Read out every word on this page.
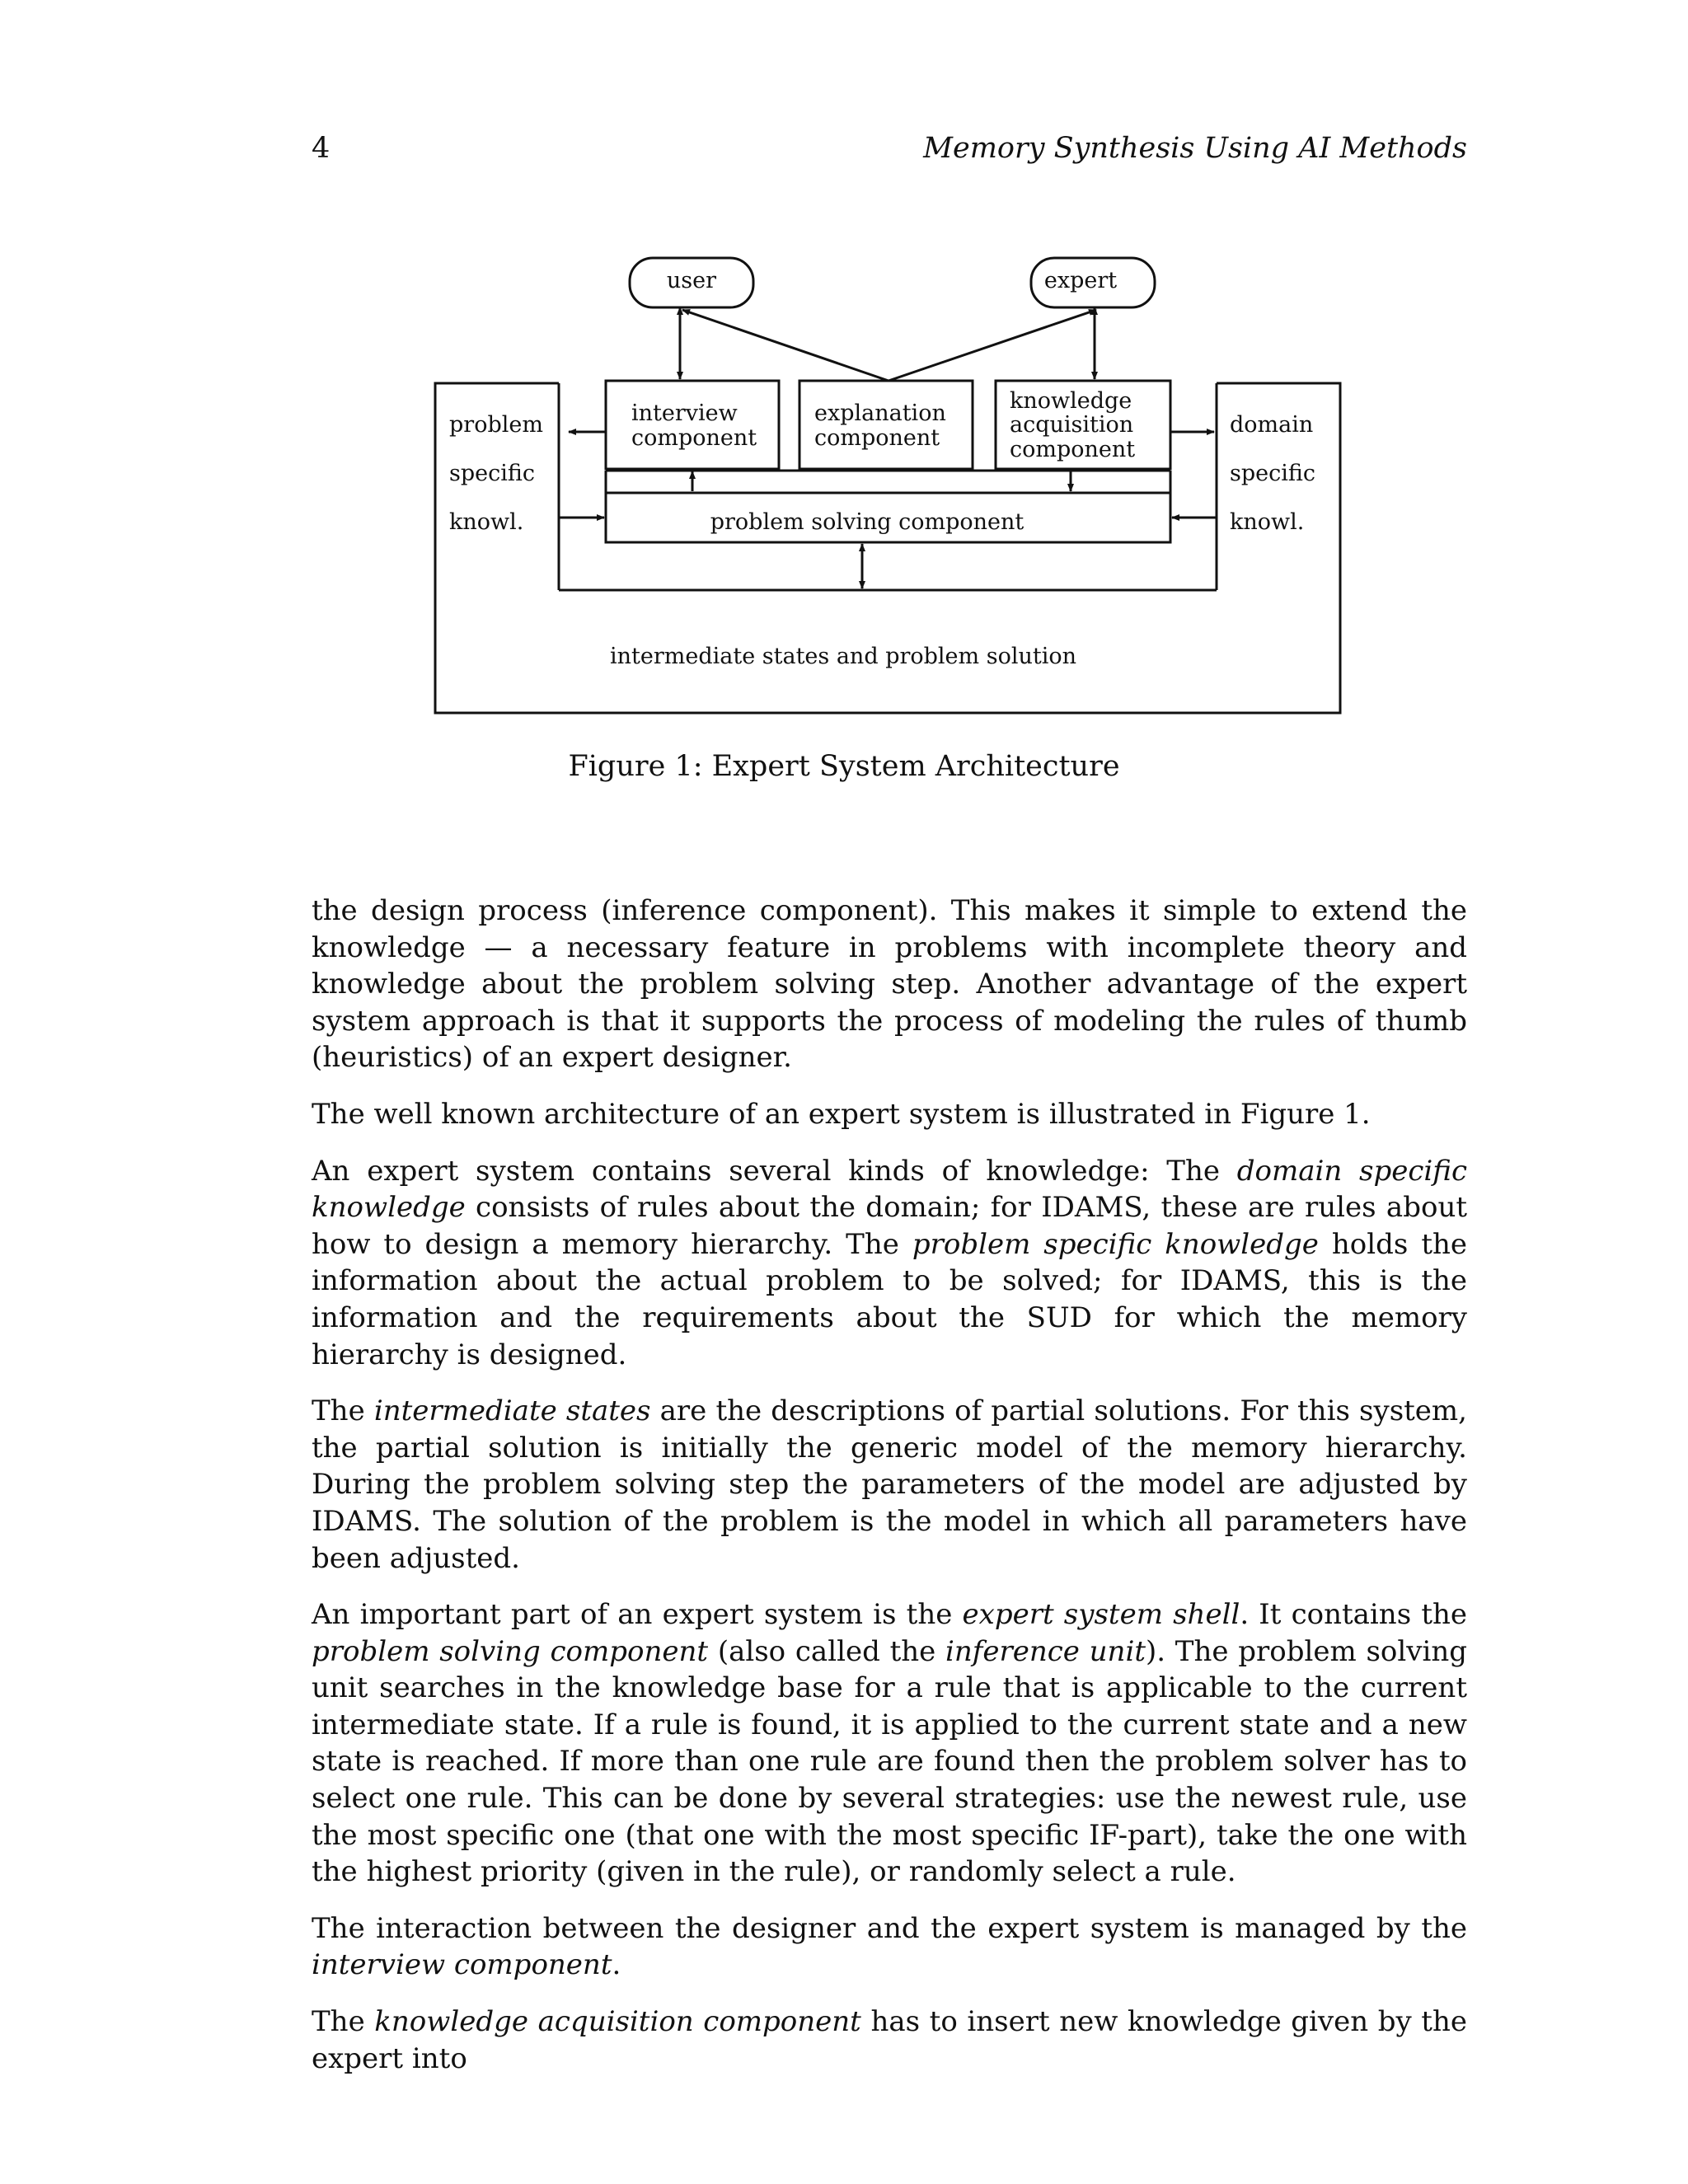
4	Memory Synthesis Using AI Methods
user	expert
interview
component
explanation
component
knowledge
acquisition
component
problem solving component
problem
specific
knowl.
domain
specific
knowl.
intermediate states and problem solution
Figure 1: Expert System Architecture

the design process (inference component). This makes it simple to extend the knowledge — a necessary feature in problems with incomplete theory and knowledge about the problem solving step. Another advantage of the expert system approach is that it supports the process of modeling the rules of thumb (heuristics) of an expert designer.

The well known architecture of an expert system is illustrated in Figure 1.

An expert system contains several kinds of knowledge: The domain specific knowledge consists of rules about the domain; for IDAMS, these are rules about how to design a memory hierarchy. The problem specific knowledge holds the information about the actual problem to be solved; for IDAMS, this is the information and the requirements about the SUD for which the memory hierarchy is designed.

The intermediate states are the descriptions of partial solutions. For this system, the partial solution is initially the generic model of the memory hierarchy. During the problem solving step the parameters of the model are adjusted by IDAMS. The solution of the problem is the model in which all parameters have been adjusted.

An important part of an expert system is the expert system shell. It contains the problem solving component (also called the inference unit). The problem solving unit searches in the knowledge base for a rule that is applicable to the current intermediate state. If a rule is found, it is applied to the current state and a new state is reached. If more than one rule are found then the problem solver has to select one rule. This can be done by several strategies: use the newest rule, use the most specific one (that one with the most specific IF-part), take the one with the highest priority (given in the rule), or randomly select a rule.

The interaction between the designer and the expert system is managed by the interview component.

The knowledge acquisition component has to insert new knowledge given by the expert into
